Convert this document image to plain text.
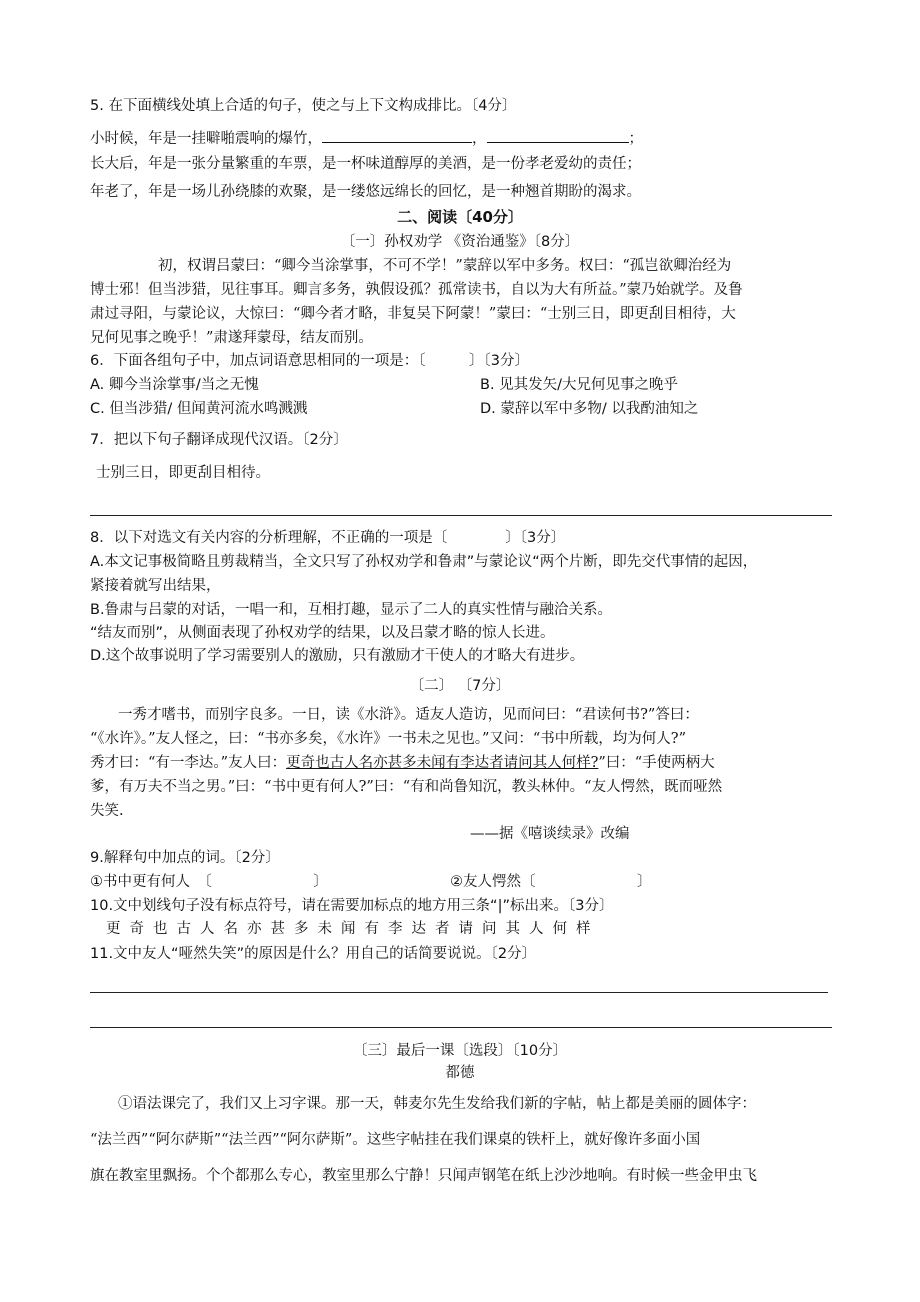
5. 在下面横线处填上合适的句子，使之与上下文构成排比。〔4分〕
小时候，年是一挂噼啪震响的爆竹，	，	；
长大后，年是一张分量繁重的车票，是一杯味道醇厚的美酒，是一份孝老爱幼的责任；
年老了，年是一场儿孙绕膝的欢聚，是一缕悠远绵长的回忆，是一种翘首期盼的渴求。
二、阅读〔40分〕
〔一〕孙权劝学 《资治通鉴》〔8分〕
初，权谓吕蒙曰：“卿今当涂掌事，不可不学！”蒙辞以军中多务。权曰：“孤岂欲卿治经为
博士邪！但当涉猎，见往事耳。卿言多务，孰假设孤？孤常读书，自以为大有所益。”蒙乃始就学。及鲁
肃过寻阳，与蒙论议，大惊曰：“卿今者才略，非复吴下阿蒙！”蒙曰：“士别三日，即更刮目相待，大
兄何见事之晚乎！”肃遂拜蒙母，结友而别。
6．下面各组句子中，加点词语意思相同的一项是：〔　　　〕〔3分〕
A. 卿今当涂掌事/当之无愧	B. 见其发矢/大兄何见事之晚乎
C. 但当涉猎/ 但闻黄河流水鸣溅溅	D. 蒙辞以军中多物/ 以我酌油知之
7．把以下句子翻译成现代汉语。〔2分〕
士别三日，即更刮目相待。
8．以下对选文有关内容的分析理解，不正确的一项是〔　　　　〕〔3分〕
A.本文记事极简略且剪裁精当，全文只写了孙权劝学和鲁肃”与蒙论议“两个片断，即先交代事情的起因，
紧接着就写出结果，
B.鲁肃与吕蒙的对话，一唱一和，互相打趣，显示了二人的真实性情与融洽关系。
“结友而别”，从侧面表现了孙权劝学的结果，以及吕蒙才略的惊人长进。
D.这个故事说明了学习需要别人的激励，只有激励才干使人的才略大有进步。
〔二〕 〔7分〕
一秀才嗜书，而别字良多。一日，读《水浒》。适友人造访，见而问曰：“君读何书?”答曰：
“《水许》。”友人怪之，曰：“书亦多矣，《水许》一书未之见也。”又问：“书中所载，均为何人?”
秀才曰：“有一李达。”友人曰：更奇也古人名亦甚多未闻有李达者请问其人何样?”曰：“手使两柄大
爹，有万夫不当之男。”曰：“书中更有何人?”曰：“有和尚鲁知沉，教头林仲。“友人愕然，既而哑然
失笑.
——据《嘻谈续录》改编
9.解释句中加点的词。〔2分〕
①书中更有何人　〔　　　　　　　〕	②友人愕然〔　　　　　　　〕
10.文中划线句子没有标点符号，请在需要加标点的地方用三条“|”标出来。〔3分〕
更奇也古人名亦甚多未闻有李达者请问其人何样
11.文中友人“哑然失笑”的原因是什么？用自己的话简要说说。〔2分〕
〔三〕最后一课〔选段〕〔10分〕
都德
①语法课完了，我们又上习字课。那一天，韩麦尔先生发给我们新的字帖，帖上都是美丽的圆体字：
“法兰西”“阿尔萨斯”“法兰西”“阿尔萨斯”。这些字帖挂在我们课桌的铁杆上，就好像许多面小国
旗在教室里飘扬。个个都那么专心，教室里那么宁静！只闻声钢笔在纸上沙沙地响。有时候一些金甲虫飞
